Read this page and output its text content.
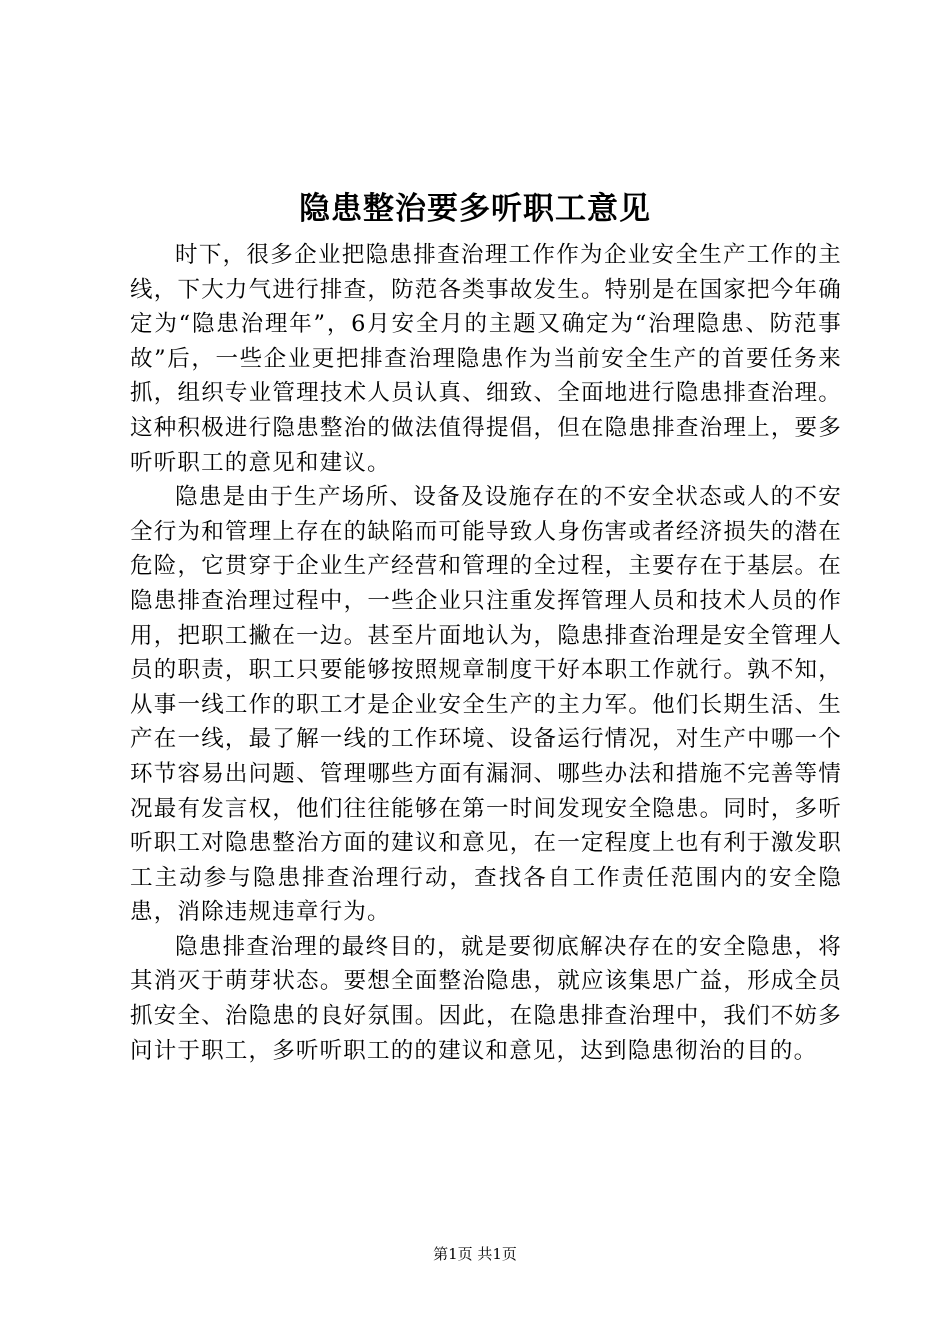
隐患整治要多听职工意见

时下，很多企业把隐患排查治理工作作为企业安全生产工作的主线，下大力气进行排查，防范各类事故发生。特别是在国家把今年确定为“隐患治理年”，6月安全月的主题又确定为“治理隐患、防范事故”后，一些企业更把排查治理隐患作为当前安全生产的首要任务来抓，组织专业管理技术人员认真、细致、全面地进行隐患排查治理。这种积极进行隐患整治的做法值得提倡，但在隐患排查治理上，要多听听职工的意见和建议。

隐患是由于生产场所、设备及设施存在的不安全状态或人的不安全行为和管理上存在的缺陷而可能导致人身伤害或者经济损失的潜在危险，它贯穿于企业生产经营和管理的全过程，主要存在于基层。在隐患排查治理过程中，一些企业只注重发挥管理人员和技术人员的作用，把职工撇在一边。甚至片面地认为，隐患排查治理是安全管理人员的职责，职工只要能够按照规章制度干好本职工作就行。孰不知，从事一线工作的职工才是企业安全生产的主力军。他们长期生活、生产在一线，最了解一线的工作环境、设备运行情况，对生产中哪一个环节容易出问题、管理哪些方面有漏洞、哪些办法和措施不完善等情况最有发言权，他们往往能够在第一时间发现安全隐患。同时，多听听职工对隐患整治方面的建议和意见，在一定程度上也有利于激发职工主动参与隐患排查治理行动，查找各自工作责任范围内的安全隐患，消除违规违章行为。

隐患排查治理的最终目的，就是要彻底解决存在的安全隐患，将其消灭于萌芽状态。要想全面整治隐患，就应该集思广益，形成全员抓安全、治隐患的良好氛围。因此，在隐患排查治理中，我们不妨多问计于职工，多听听职工的的建议和意见，达到隐患彻治的目的。

第1页 共1页
